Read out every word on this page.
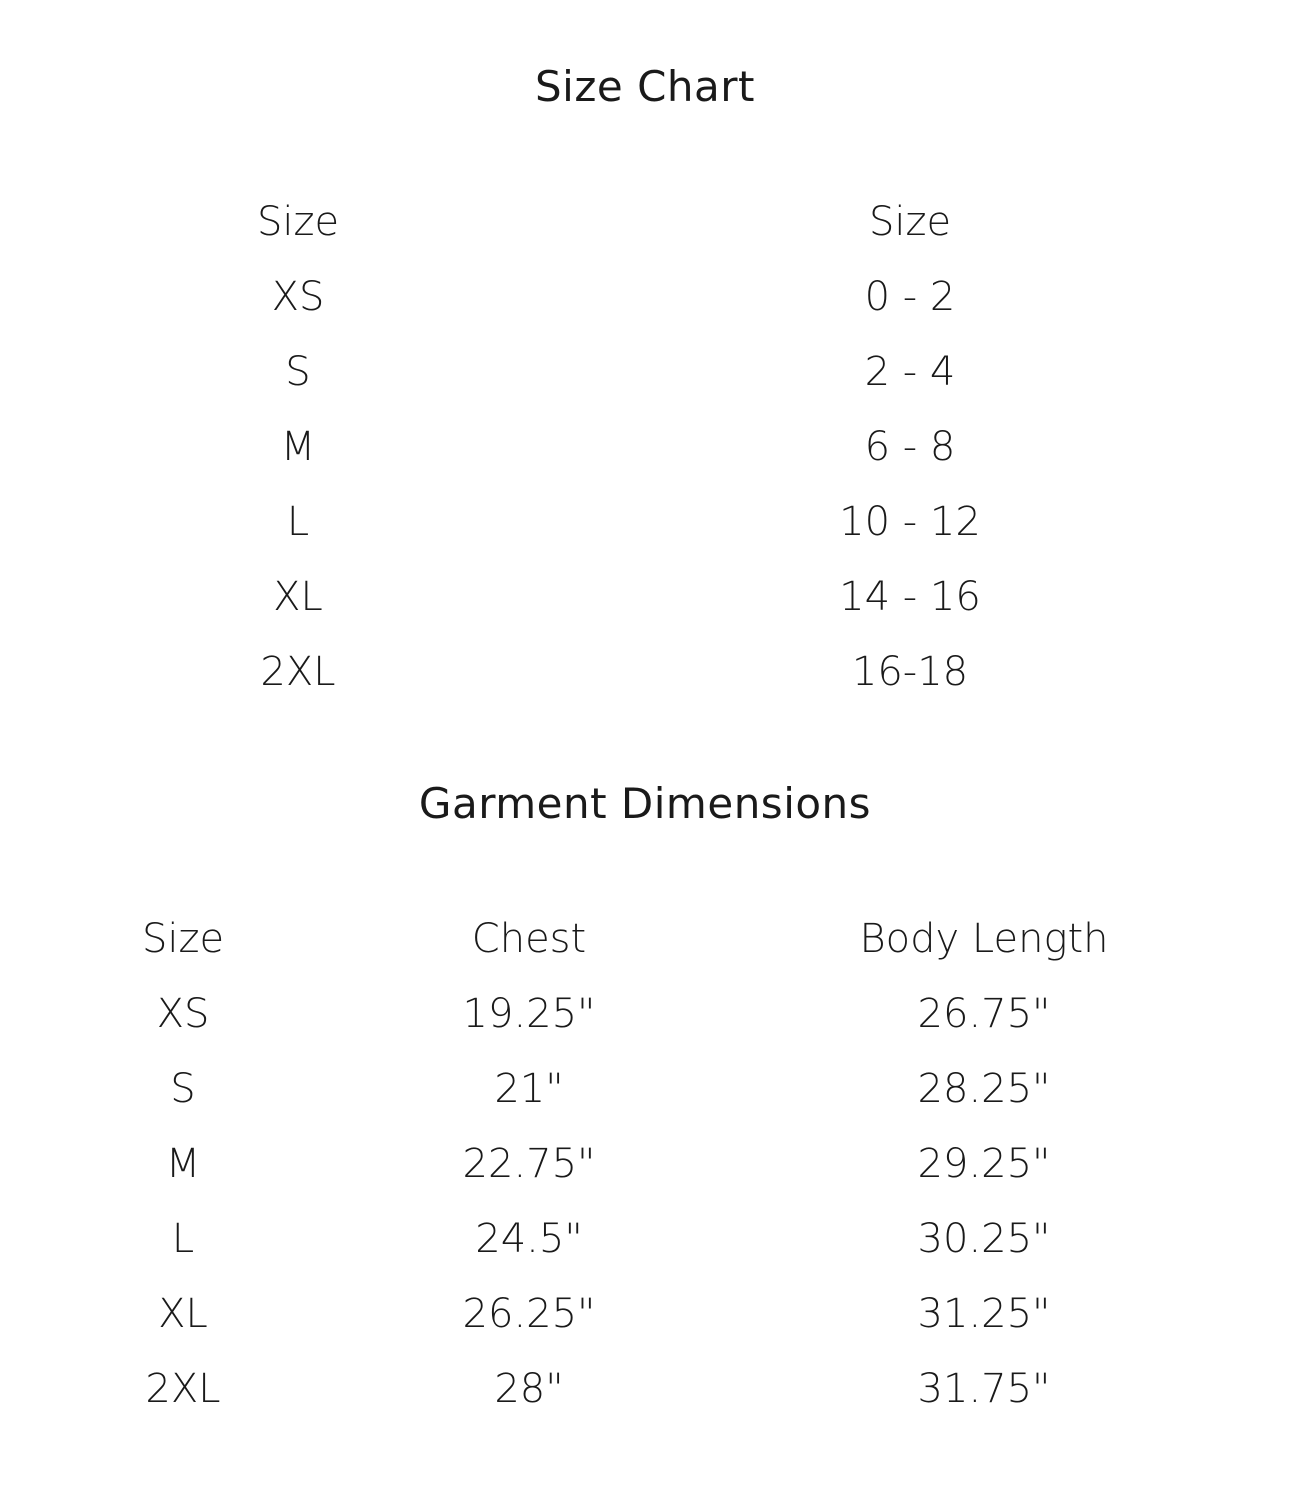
Size Chart
Size	Size
XS	0 - 2
S	2 - 4
M	6 - 8
L	10 - 12
XL	14 - 16
2XL	16-18
Garment Dimensions
Size	Chest	Body Length
XS	19.25"	26.75"
S	21"	28.25"
M	22.75"	29.25"
L	24.5"	30.25"
XL	26.25"	31.25"
2XL	28"	31.75"
